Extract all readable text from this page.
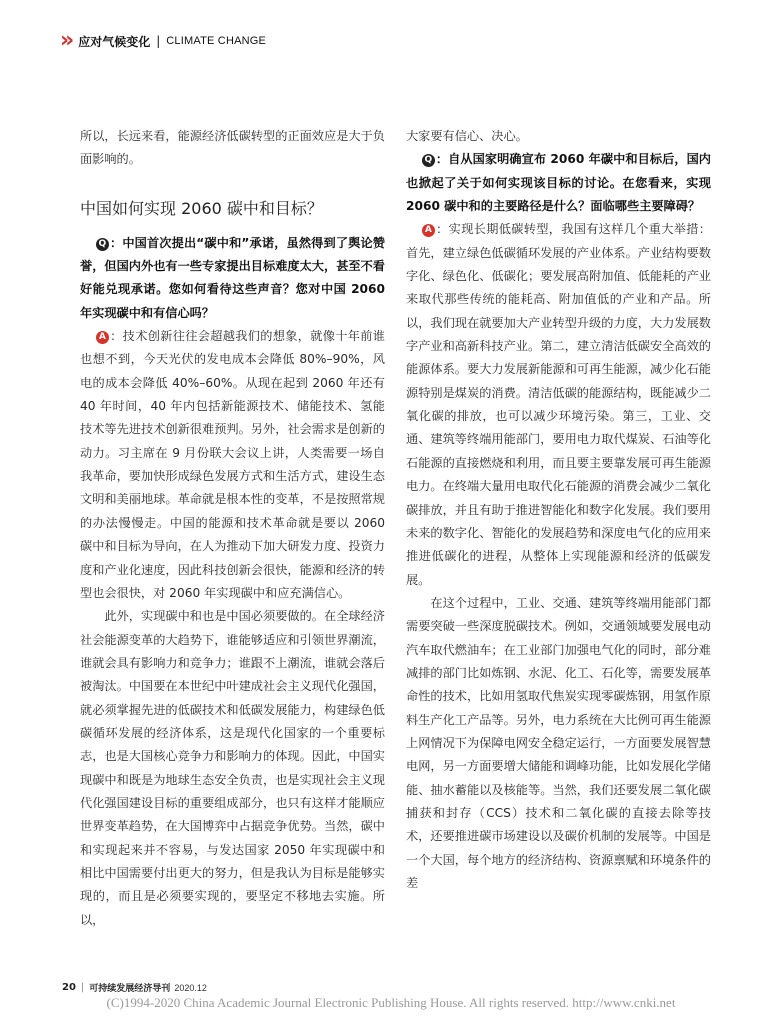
» 应对气候变化 | CLIMATE CHANGE

所以，长远来看，能源经济低碳转型的正面效应是大于负面影响的。

中国如何实现 2060 碳中和目标？

Q ：中国首次提出“碳中和”承诺，虽然得到了舆论赞誉，但国内外也有一些专家提出目标难度太大，甚至不看好能兑现承诺。您如何看待这些声音？您对中国 2060 年实现碳中和有信心吗？

A ：技术创新往往会超越我们的想象，就像十年前谁也想不到，今天光伏的发电成本会降低 80%–90%，风电的成本会降低 40%–60%。从现在起到 2060 年还有 40 年时间，40 年内包括新能源技术、储能技术、氢能技术等先进技术创新很难预判。另外，社会需求是创新的动力。习主席在 9 月份联大会议上讲，人类需要一场自我革命，要加快形成绿色发展方式和生活方式，建设生态文明和美丽地球。革命就是根本性的变革，不是按照常规的办法慢慢走。中国的能源和技术革命就是要以 2060 碳中和目标为导向，在人为推动下加大研发力度、投资力度和产业化速度，因此科技创新会很快，能源和经济的转型也会很快，对 2060 年实现碳中和应充满信心。

此外，实现碳中和也是中国必须要做的。在全球经济社会能源变革的大趋势下，谁能够适应和引领世界潮流，谁就会具有影响力和竞争力；谁跟不上潮流，谁就会落后被淘汰。中国要在本世纪中叶建成社会主义现代化强国，就必须掌握先进的低碳技术和低碳发展能力，构建绿色低碳循环发展的经济体系，这是现代化国家的一个重要标志，也是大国核心竞争力和影响力的体现。因此，中国实现碳中和既是为地球生态安全负责，也是实现社会主义现代化强国建设目标的重要组成部分，也只有这样才能顺应世界变革趋势，在大国博弈中占据竞争优势。当然，碳中和实现起来并不容易，与发达国家 2050 年实现碳中和相比中国需要付出更大的努力，但是我认为目标是能够实现的，而且是必须要实现的，要坚定不移地去实施。所以，

大家要有信心、决心。

Q ：自从国家明确宣布 2060 年碳中和目标后，国内也掀起了关于如何实现该目标的讨论。在您看来，实现 2060 碳中和的主要路径是什么？面临哪些主要障碍？

A ：实现长期低碳转型，我国有这样几个重大举措：首先，建立绿色低碳循环发展的产业体系。产业结构要数字化、绿色化、低碳化；要发展高附加值、低能耗的产业来取代那些传统的能耗高、附加值低的产业和产品。所以，我们现在就要加大产业转型升级的力度，大力发展数字产业和高新科技产业。第二，建立清洁低碳安全高效的能源体系。要大力发展新能源和可再生能源，减少化石能源特别是煤炭的消费。清洁低碳的能源结构，既能减少二氧化碳的排放，也可以减少环境污染。第三，工业、交通、建筑等终端用能部门，要用电力取代煤炭、石油等化石能源的直接燃烧和利用，而且要主要靠发展可再生能源电力。在终端大量用电取代化石能源的消费会减少二氧化碳排放，并且有助于推进智能化和数字化发展。我们要用未来的数字化、智能化的发展趋势和深度电气化的应用来推进低碳化的进程，从整体上实现能源和经济的低碳发展。

在这个过程中，工业、交通、建筑等终端用能部门都需要突破一些深度脱碳技术。例如，交通领域要发展电动汽车取代燃油车；在工业部门加强电气化的同时，部分难减排的部门比如炼钢、水泥、化工、石化等，需要发展革命性的技术，比如用氢取代焦炭实现零碳炼钢，用氢作原料生产化工产品等。另外，电力系统在大比例可再生能源上网情况下为保障电网安全稳定运行，一方面要发展智慧电网，另一方面要增大储能和调峰功能，比如发展化学储能、抽水蓄能以及核能等。当然，我们还要发展二氧化碳捕获和封存（CCS）技术和二氧化碳的直接去除等技术，还要推进碳市场建设以及碳价机制的发展等。中国是一个大国，每个地方的经济结构、资源禀赋和环境条件的差

20 | 可持续发展经济导刊 2020.12
(C)1994-2020 China Academic Journal Electronic Publishing House. All rights reserved. http://www.cnki.net
